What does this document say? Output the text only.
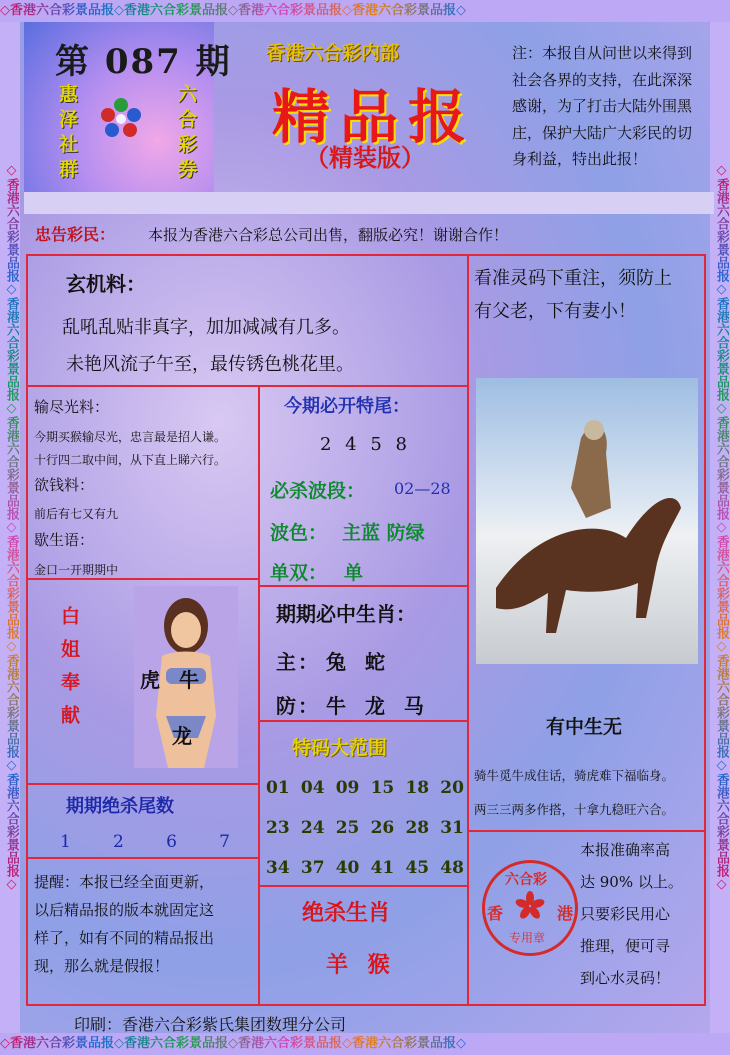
◇香港六合彩景品报◇香港六合彩景品报◇香港六合彩景品报◇香港六合彩景品报◇
◇香港六合彩景品报◇香港六合彩景品报◇香港六合彩景品报◇香港六合彩景品报◇
◇香港六合彩景品报◇香港六合彩景品报◇香港六合彩景品报◇香港六合彩景品报◇香港六合彩景品报◇香港六合彩景品报◇	◇香港六合彩景品报◇香港六合彩景品报◇香港六合彩景品报◇香港六合彩景品报◇香港六合彩景品报◇香港六合彩景品报◇
第 087 期
惠泽社群	六合彩券
香港六合彩内部
精品报
（精装版）
注：本报自从问世以来得到
社会各界的支持，在此深深
感谢，为了打击大陆外围黑
庄，保护大陆广大彩民的切
身利益，特出此报！
忠告彩民： 本报为香港六合彩总公司出售，翻版必究！谢谢合作！
玄机料：
乱吼乱贴非真字，加加减减有几多。
未艳风流子午至，最传锈色桃花里。
看准灵码下重注，须防上
有父老，下有妻小！
输尽光料：
今期买猴输尽光，忠言最是招人谦。
十行四二取中间，从下直上睇六行。
欲钱料：
前后有七又有九
歇生语：
金口一开期期中
今期必开特尾：
2 4 5 8
必杀波段： 02—28
波色： 主蓝 防绿
单双： 单
期期必中生肖：
主： 兔 蛇
防： 牛 龙 马
特码大范围
01 04 09 15 18 20
23 24 25 26 28 31
34 37 40 41 45 48
绝杀生肖
羊 猴
白姐奉献	虎 牛
龙
期期绝杀尾数
1 2 6 7
提醒：本报已经全面更新，
以后精品报的版本就固定这
样了，如有不同的精品报出
现，那么就是假报！
有中生无
骑牛觅牛成住话，骑虎难下福临身。
两三三两多作搭，十拿九稳旺六合。
本报准确率高
达 90% 以上。
只要彩民用心
推理，便可寻
到心水灵码！
六合彩
香	港
专用章
印刷：香港六合彩紫氏集团数理分公司
